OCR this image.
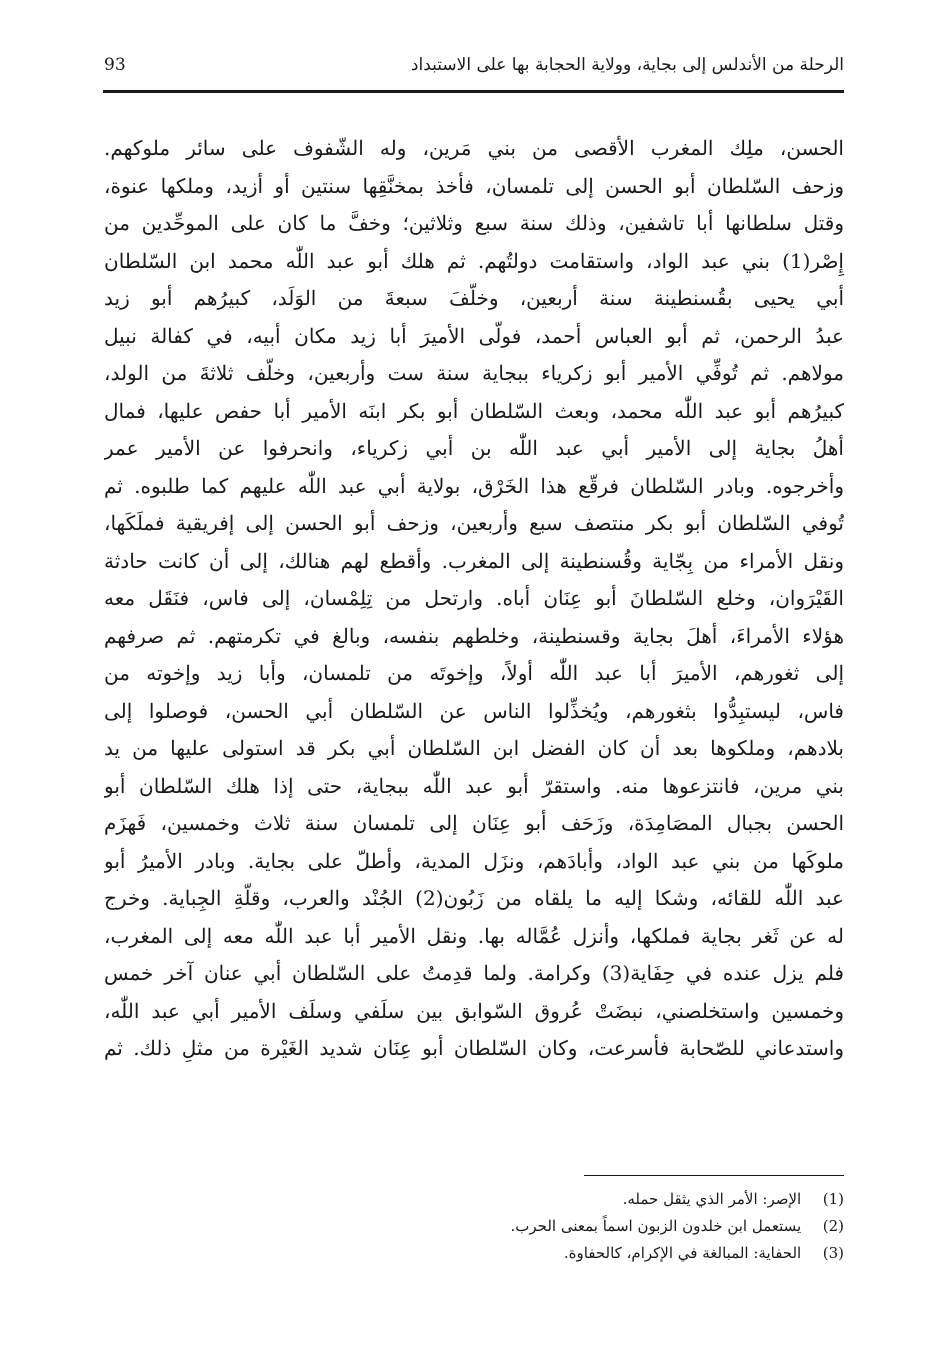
الرحلة من الأندلس إلى بجاية، وولاية الحجابة بها على الاستبداد
93
الحسن، ملِك المغرب الأقصى من بني مَرين، وله الشّفوف على سائر ملوكهم.
وزحف السّلطان أبو الحسن إلى تلمسان، فأخذ بمخنَّقِها سنتين أو أزيد، وملكها عنوة،
وقتل سلطانها أبا تاشفين، وذلك سنة سبع وثلاثين؛ وخفَّ ما كان على الموحِّدين من
إِصْر(1) بني عبد الواد، واستقامت دولتُهم. ثم هلك أبو عبد اللّٰه محمد ابن السّلطان
أبي يحيى بقُسنطينة سنة أربعين، وخلّفَ سبعةَ من الوَلَد، كبيرُهم أبو زيد
عبدُ الرحمن، ثم أبو العباس أحمد، فولّى الأميرَ أبا زيد مكان أبيه، في كفالة نبيل
مولاهم. ثم تُوفِّي الأمير أبو زكرياء ببجاية سنة ست وأربعين، وخلّف ثلاثةَ من الولد،
كبيرُهم أبو عبد اللّٰه محمد، وبعث السّلطان أبو بكر ابنَه الأمير أبا حفص عليها، فمال
أهلُ بجاية إلى الأمير أبي عبد اللّٰه بن أبي زكرياء، وانحرفوا عن الأمير عمر
وأخرجوه. وبادر السّلطان فرقّع هذا الخَرْق، بولاية أبي عبد اللّٰه عليهم كما طلبوه. ثم
تُوفي السّلطان أبو بكر منتصف سبع وأربعين، وزحف أبو الحسن إلى إفريقية فملَكَها،
ونقل الأمراء من بِجّاية وقُسنطينة إلى المغرب. وأقطع لهم هنالك، إلى أن كانت حادثة
القَيْرَوان، وخلع السّلطانَ أبو عِنَان أباه. وارتحل من تِلِمْسان، إلى فاس، فنَقَل معه
هؤلاء الأمراءَ، أهلَ بجاية وقسنطينة، وخلطهم بنفسه، وبالغ في تكرمتهم. ثم صرفهم
إلى ثغورهم، الأميرَ أبا عبد اللّٰه أولاً، وإخوتَه من تلمسان، وأبا زيد وإخوته من
فاس، ليستبِدُّوا بثغورهم، ويُخذِّلوا الناس عن السّلطان أبي الحسن، فوصلوا إلى
بلادهم، وملكوها بعد أن كان الفضل ابن السّلطان أبي بكر قد استولى عليها من يد
بني مرين، فانتزعوها منه. واستقرّ أبو عبد اللّٰه ببجاية، حتى إذا هلك السّلطان أبو
الحسن بجبال المصَامِدَة، وزَحَف أبو عِنَان إلى تلمسان سنة ثلاث وخمسين، فَهزَم
ملوكَها من بني عبد الواد، وأبادَهم، ونزَل المدية، وأطلّ على بجاية. وبادر الأميرُ أبو
عبد اللّٰه للقائه، وشكا إليه ما يلقاه من زَبُون(2) الجُنْد والعرب، وقلّةِ الجِباية. وخرج
له عن ثَغر بجاية فملكها، وأنزل عُمَّاله بها. ونقل الأمير أبا عبد اللّٰه معه إلى المغرب،
فلم يزل عنده في حِفَاية(3) وكرامة. ولما قدِمتُ على السّلطان أبي عنان آخر خمس
وخمسين واستخلصني، نبضَتْ عُروق السّوابق بين سلَفي وسلَف الأمير أبي عبد اللّٰه،
واستدعاني للصّحابة فأسرعت، وكان السّلطان أبو عِنَان شديد الغَيْرة من مثلِ ذلك. ثم
(1) الإصر: الأمر الذي يثقل حمله.
(2) يستعمل ابن خلدون الزبون اسماً بمعنى الحرب.
(3) الحفاية: المبالغة في الإكرام، كالحفاوة.
